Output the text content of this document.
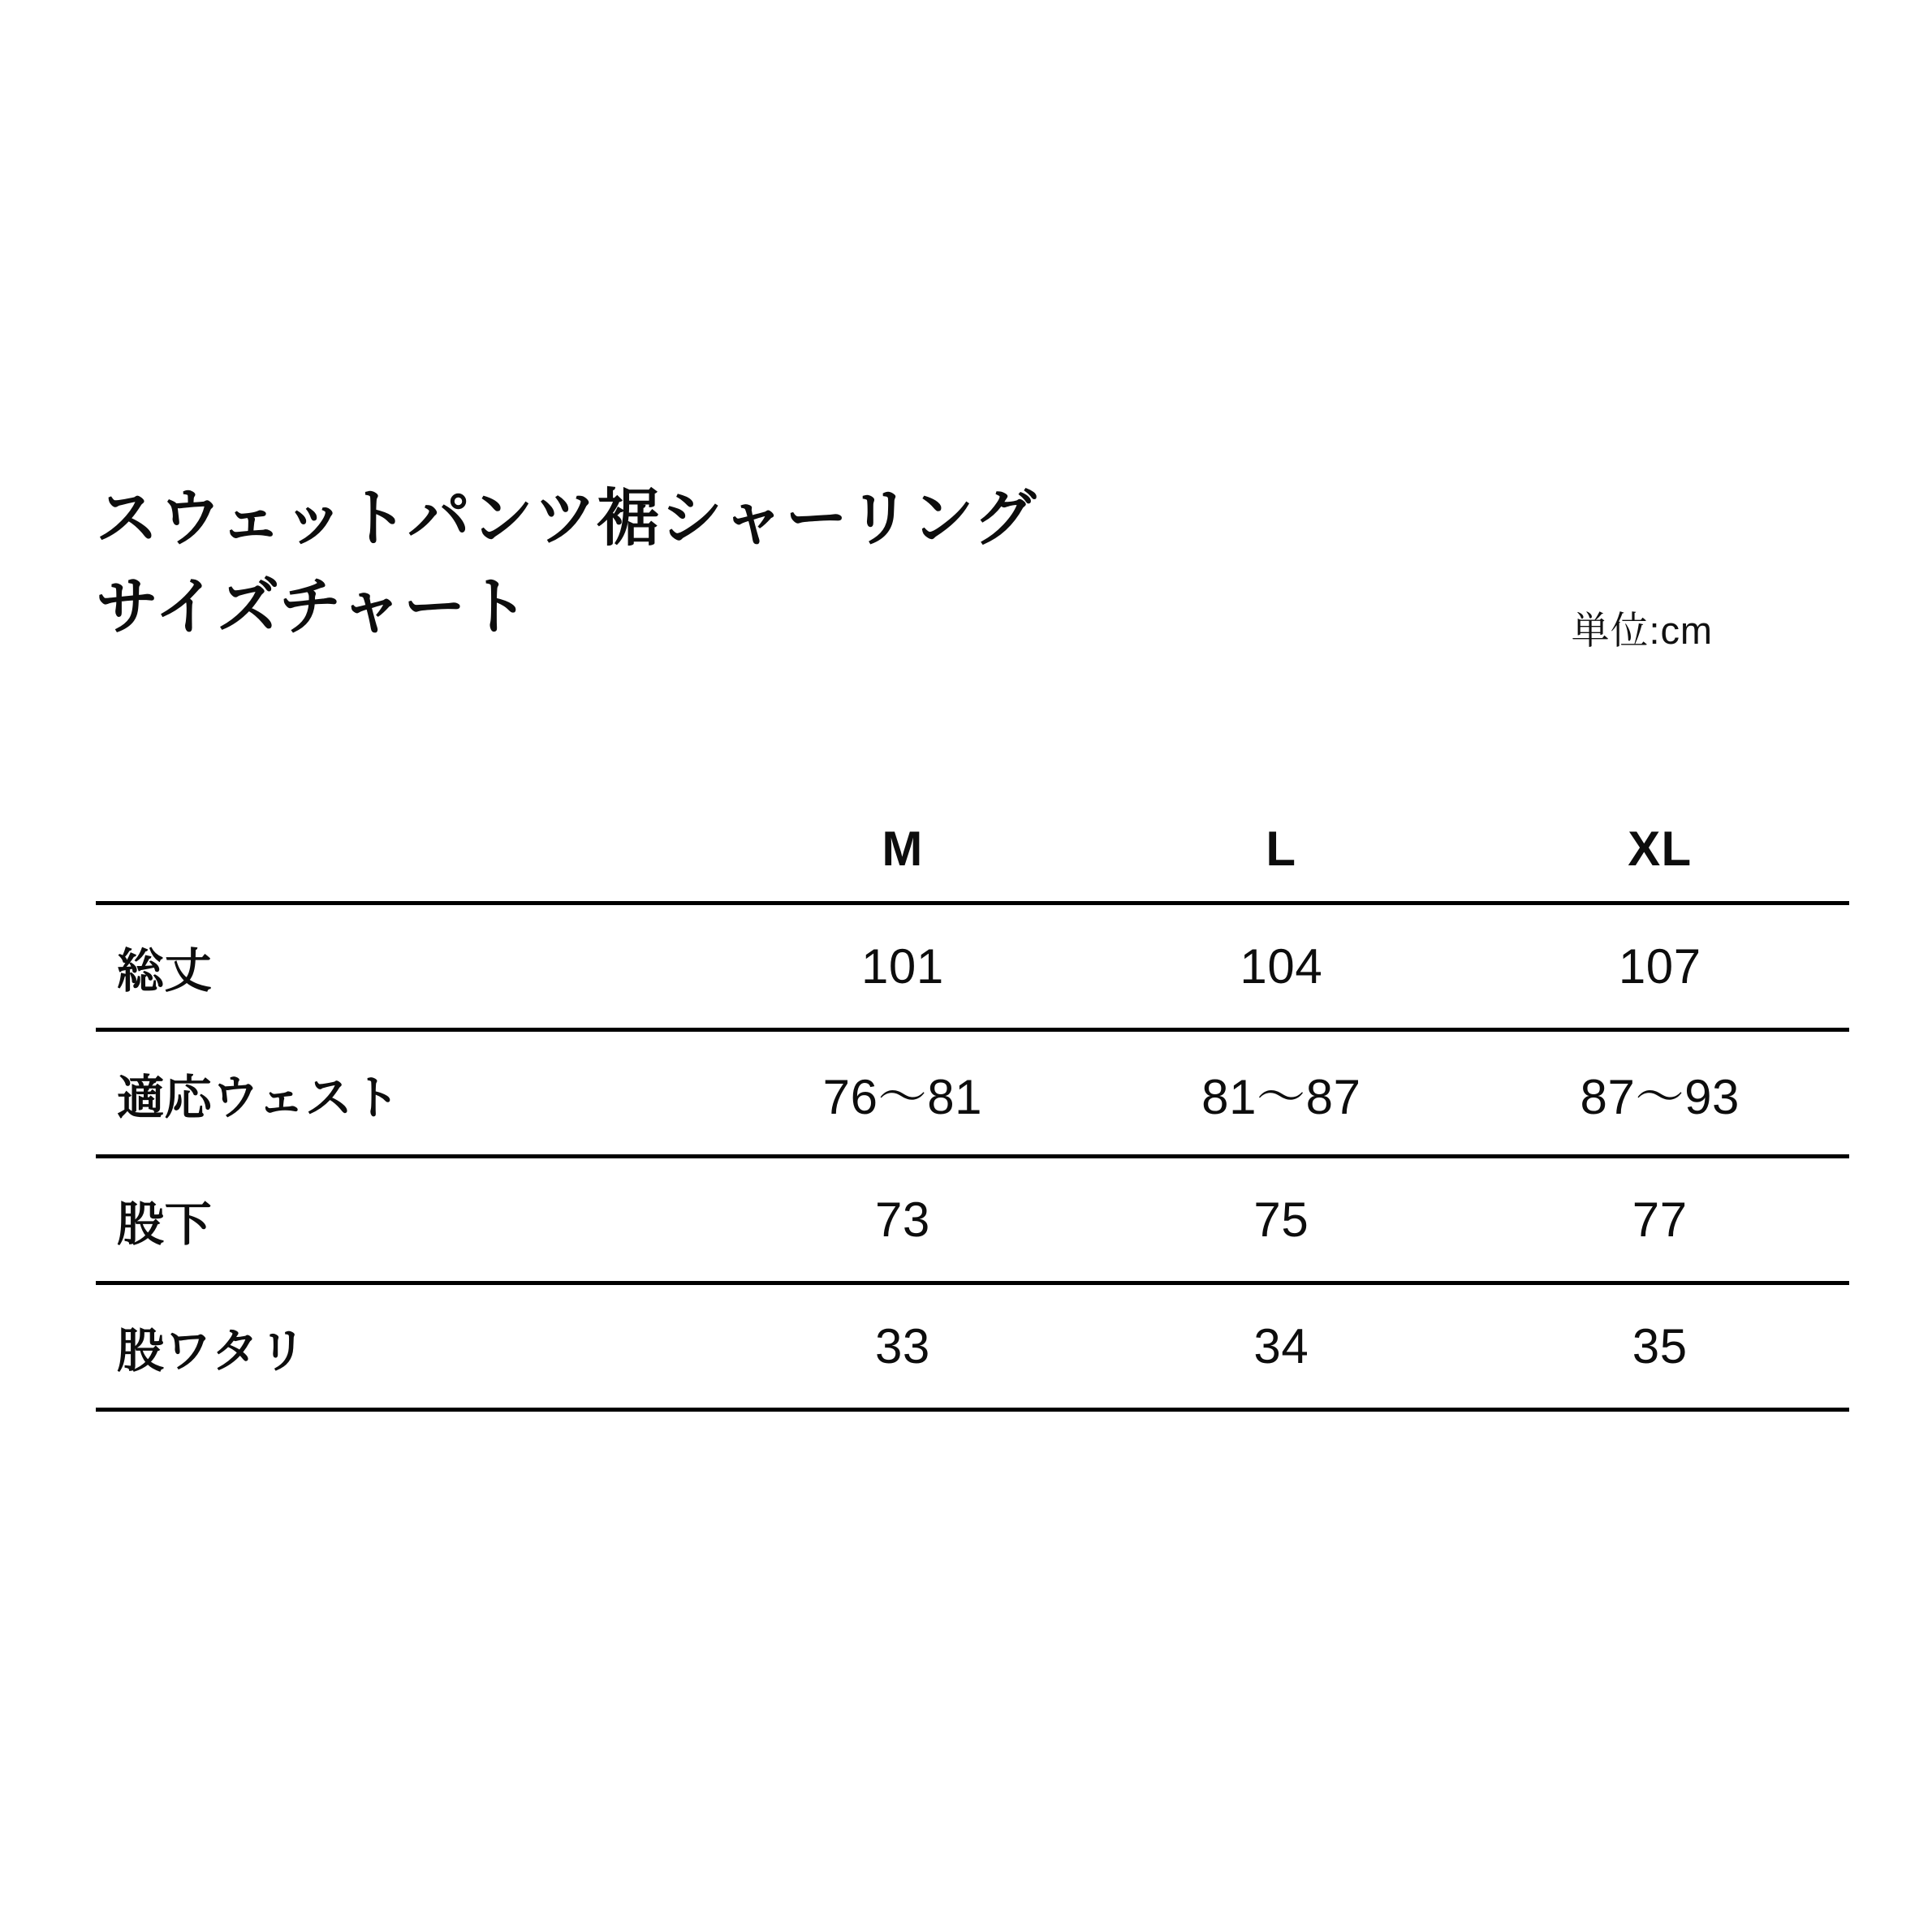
スウェットパンツ裾シャーリング
サイズチャート	単位:cm
	M	L	XL
総丈	101	104	107
適応ウェスト	76〜81	81〜87	87〜93
股下	73	75	77
股ワタリ	33	34	35
